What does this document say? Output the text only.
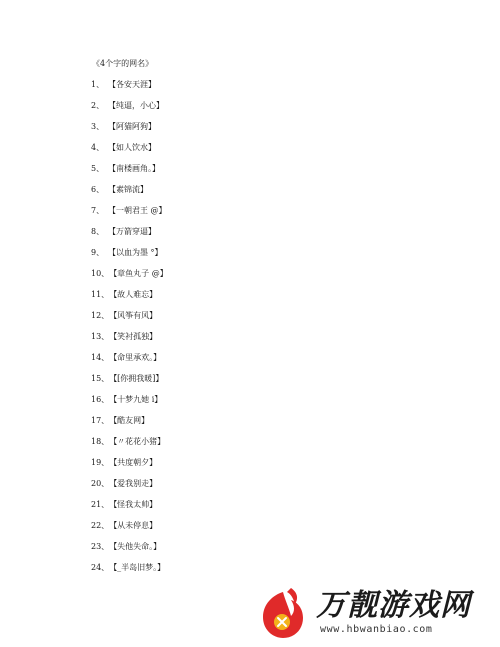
《4个字的网名》
1、 【各安天涯】
2、 【纯逼，小心】
3、 【阿猫阿狗】
4、 【如人饮水】
5、 【南楼画角。】
6、 【素锦流】
7、 【一朝君王 @】
8、 【万箭穿逼】
9、 【以血为墨 °】
10、 【章鱼丸子 @】
11、 【故人难忘】
12、 【风筝有风】
13、 【笑衬孤独】
14、 【命里承欢。】
15、 【[你拥我暖]】
16、 【十梦九她 i】
17、 【酷友网】
18、 【〃花花小猪】
19、 【共度朝夕】
20、 【爱我别走】
21、 【怪我太帅】
22、 【从未停息】
23、 【失他失命。】
24、 【_半岛旧梦。】
万靓游戏网
www.hbwanbiao.com
